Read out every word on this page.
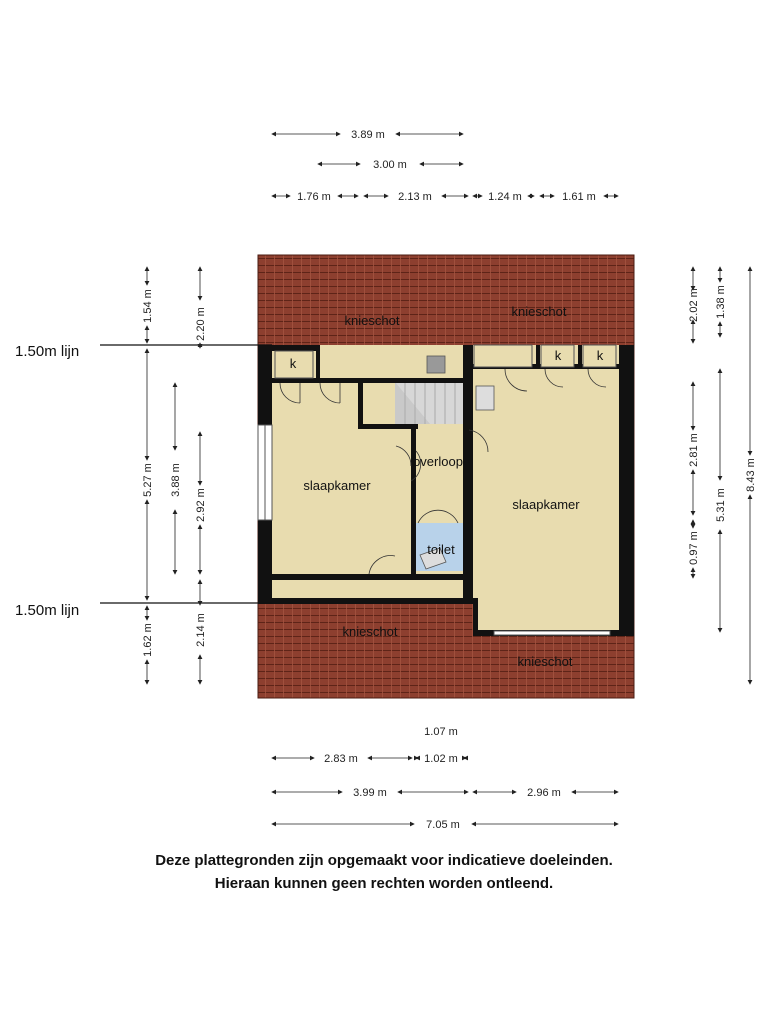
knieschot
knieschot
knieschot
knieschot
slaapkamer
slaapkamer
overloop
toilet
k
k	k
1.50m lijn
1.50m lijn
3.89 m
3.00 m
1.76 m	2.13 m	1.24 m	1.61 m
1.07 m
2.83 m	1.02 m
3.99 m	2.96 m
7.05 m
1.54 m
5.27 m
1.62 m
2.20 m
3.88 m
2.92 m
2.14 m
2.02 m 1.38 m
2.81 m
0.97 m
5.31 m
8.43 m
Deze plattegronden zijn opgemaakt voor indicatieve doeleinden.
Hieraan kunnen geen rechten worden ontleend.
